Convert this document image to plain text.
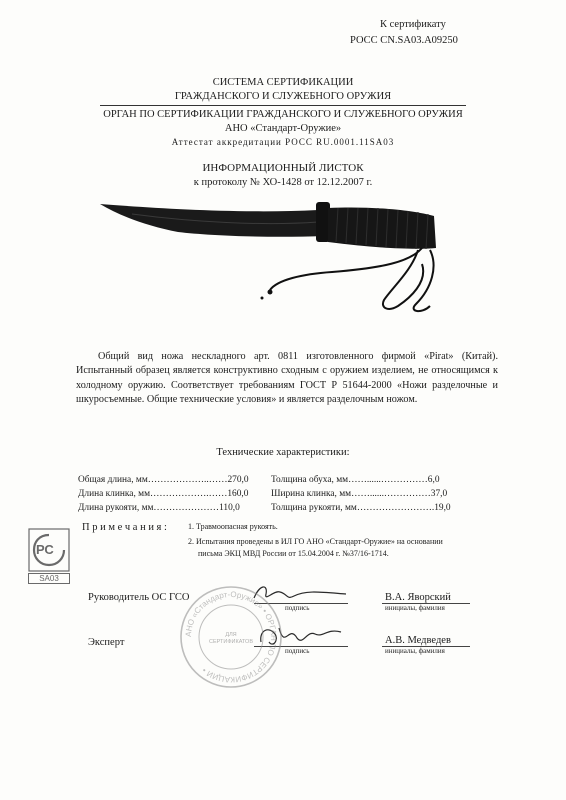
К сертификату
РОСС CN.SA03.A09250
СИСТЕМА СЕРТИФИКАЦИИ
ГРАЖДАНСКОГО И СЛУЖЕБНОГО ОРУЖИЯ
ОРГАН ПО СЕРТИФИКАЦИИ ГРАЖДАНСКОГО И СЛУЖЕБНОГО ОРУЖИЯ
АНО «Стандарт-Оружие»
Аттестат аккредитации РОСС RU.0001.11SA03
ИНФОРМАЦИОННЫЙ ЛИСТОК
к протоколу № ХО-1428 от 12.12.2007 г.
Общий вид ножа нескладного арт. 0811 изготовленного фирмой «Pirat» (Китай). Испытанный образец является конструктивно сходным с оружием изделием, не относящимся к холодному оружию. Соответствует требованиям ГОСТ Р 51644-2000 «Ножи разделочные и шкуросъемные. Общие технические условия» и является разделочным ножом.
Технические характеристики:
Общая длина, мм………………..……270,0
Длина клинка, мм……………….……160,0
Длина рукояти, мм…………………110,0
Толщина обуха, мм……......……………6,0
Ширина клинка, мм……......……………37,0
Толщина рукояти, мм…………………….19,0
П р и м е ч а н и я :	1. Травмоопасная рукоять.
2. Испытания проведены в ИЛ ГО АНО «Стандарт-Оружие» на основании
письма ЭКЦ МВД России от 15.04.2004 г. №37/16-1714.
РС
SA03
Руководитель ОС ГСО
подпись
В.А. Яворский
инициалы, фамилия
Эксперт
подпись
А.В. Медведев
инициалы, фамилия
АНО «Стандарт-Оружие» • ОРГАН ПО СЕРТИФИКАЦИИ •
ДЛЯ СЕРТИФИКАТОВ
